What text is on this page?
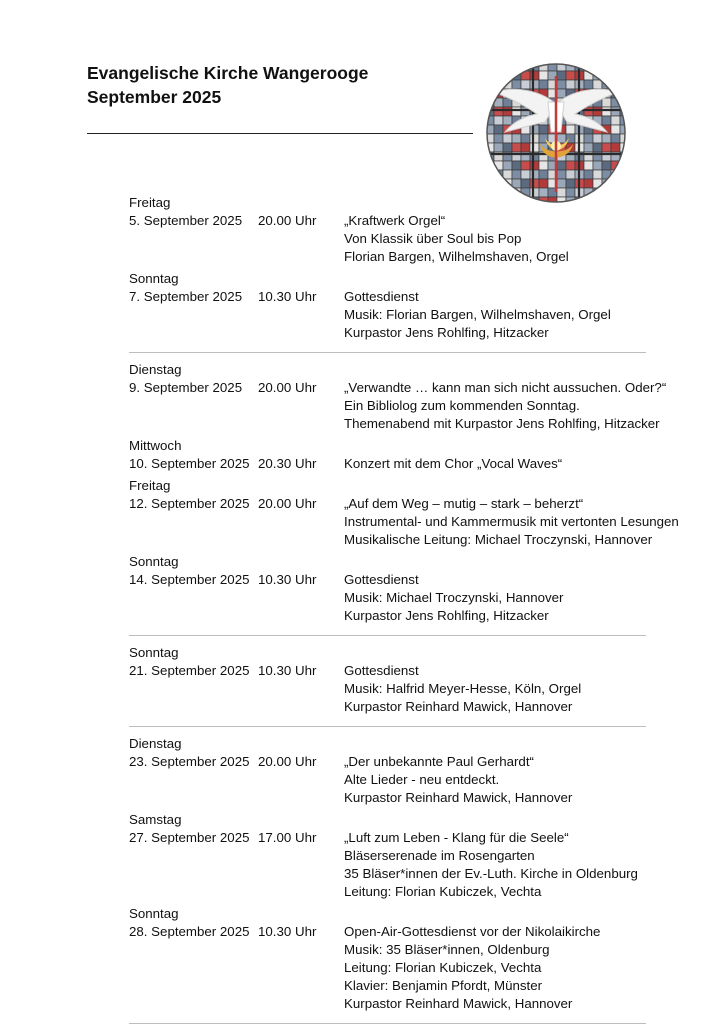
Evangelische Kirche Wangerooge
September 2025
Freitag
5. September 2025 20.00 Uhr „Kraftwerk Orgel“
Von Klassik über Soul bis Pop
Florian Bargen, Wilhelmshaven, Orgel
Sonntag
7. September 2025 10.30 Uhr Gottesdienst
Musik: Florian Bargen, Wilhelmshaven, Orgel
Kurpastor Jens Rohlfing, Hitzacker
Dienstag
9. September 2025 20.00 Uhr „Verwandte … kann man sich nicht aussuchen. Oder?“
Ein Bibliolog zum kommenden Sonntag.
Themenabend mit Kurpastor Jens Rohlfing, Hitzacker
Mittwoch
10. September 2025 20.30 Uhr Konzert mit dem Chor „Vocal Waves“
Freitag
12. September 2025 20.00 Uhr „Auf dem Weg – mutig – stark – beherzt“
Instrumental- und Kammermusik mit vertonten Lesungen
Musikalische Leitung: Michael Troczynski, Hannover
Sonntag
14. September 2025 10.30 Uhr Gottesdienst
Musik: Michael Troczynski, Hannover
Kurpastor Jens Rohlfing, Hitzacker
Sonntag
21. September 2025 10.30 Uhr Gottesdienst
Musik: Halfrid Meyer-Hesse, Köln, Orgel
Kurpastor Reinhard Mawick, Hannover
Dienstag
23. September 2025 20.00 Uhr „Der unbekannte Paul Gerhardt“
Alte Lieder - neu entdeckt.
Kurpastor Reinhard Mawick, Hannover
Samstag
27. September 2025 17.00 Uhr „Luft zum Leben - Klang für die Seele“
Bläserserenade im Rosengarten
35 Bläser*innen der Ev.-Luth. Kirche in Oldenburg
Leitung: Florian Kubiczek, Vechta
Sonntag
28. September 2025 10.30 Uhr Open-Air-Gottesdienst vor der Nikolaikirche
Musik: 35 Bläser*innen, Oldenburg
Leitung: Florian Kubiczek, Vechta
Klavier: Benjamin Pfordt, Münster
Kurpastor Reinhard Mawick, Hannover
